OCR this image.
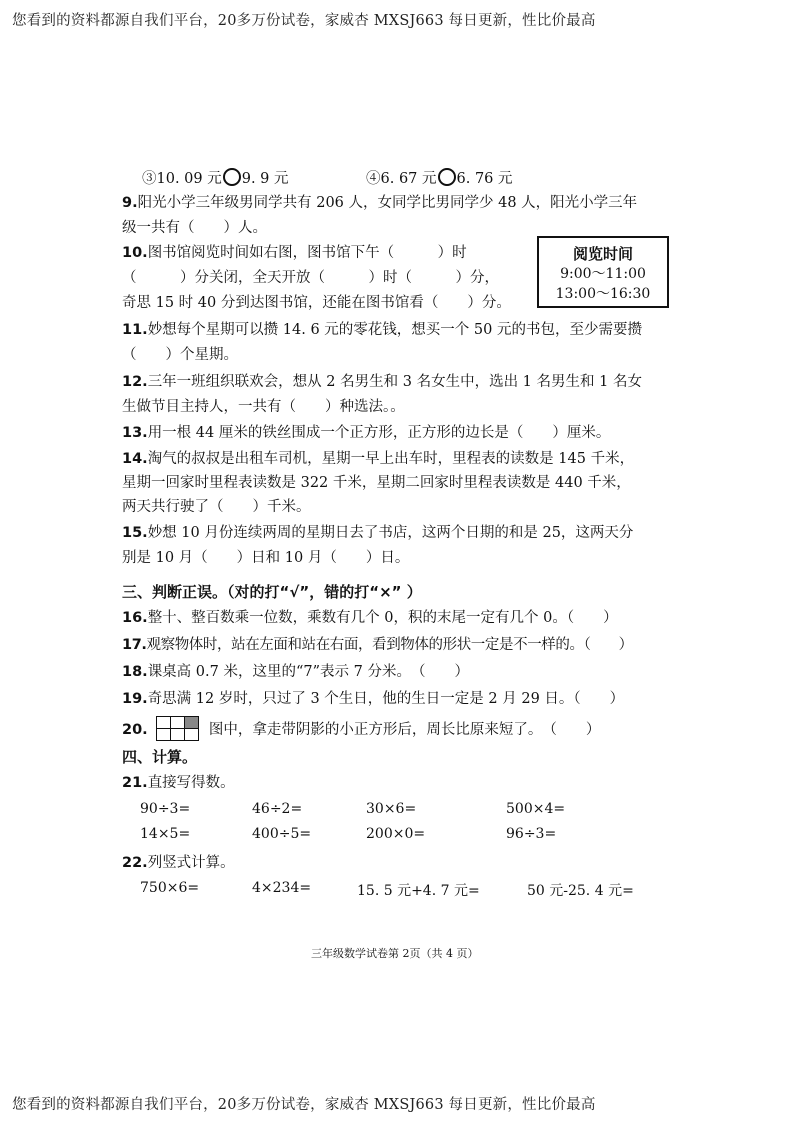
您看到的资料都源自我们平台，20多万份试卷，家威杏 MXSJ663 每日更新，性比价最高
③10. 09 元 9. 9 元	④6. 67 元 6. 76 元
9.阳光小学三年级男同学共有 206 人，女同学比男同学少 48 人，阳光小学三年
级一共有（　　）人。
10.图书馆阅览时间如右图，图书馆下午（　　　）时
（　　　）分关闭，全天开放（　　　）时（　　　）分，
奇思 15 时 40 分到达图书馆，还能在图书馆看（　　）分。
阅览时间
9:00～11:00
13:00～16:30
11.妙想每个星期可以攒 14. 6 元的零花钱，想买一个 50 元的书包，至少需要攒
（　　）个星期。
12.三年一班组织联欢会，想从 2 名男生和 3 名女生中，选出 1 名男生和 1 名女
生做节目主持人，一共有（　　）种选法。。
13.用一根 44 厘米的铁丝围成一个正方形，正方形的边长是（　　）厘米。
14.淘气的叔叔是出租车司机，星期一早上出车时，里程表的读数是 145 千米，
星期一回家时里程表读数是 322 千米，星期二回家时里程表读数是 440 千米，
两天共行驶了（　　）千米。
15.妙想 10 月份连续两周的星期日去了书店，这两个日期的和是 25，这两天分
别是 10 月（　　）日和 10 月（　　）日。
三、判断正误。（对的打“√”，错的打“×” ）
16.整十、整百数乘一位数，乘数有几个 0，积的末尾一定有几个 0。（　　）
17.观察物体时，站在左面和站在右面，看到物体的形状一定是不一样的。（　　）
18.课桌高 0.7 米，这里的“7”表示 7 分米。　（　　）
19.奇思满 12 岁时，只过了 3 个生日，他的生日一定是 2 月 29 日。（　　）
20.	图中，拿走带阴影的小正方形后，周长比原来短了。　（　　）
四、计算。
21.直接写得数。
90÷3=	46÷2=	30×6=	500×4=
14×5=	400÷5=	200×0=	96÷3=
22.列竖式计算。
750×6=	4×234=	15. 5 元+4. 7 元=	50 元-25. 4 元=
三年级数学试卷第 2页（共 4 页）
您看到的资料都源自我们平台，20多万份试卷，家威杏 MXSJ663 每日更新，性比价最高
